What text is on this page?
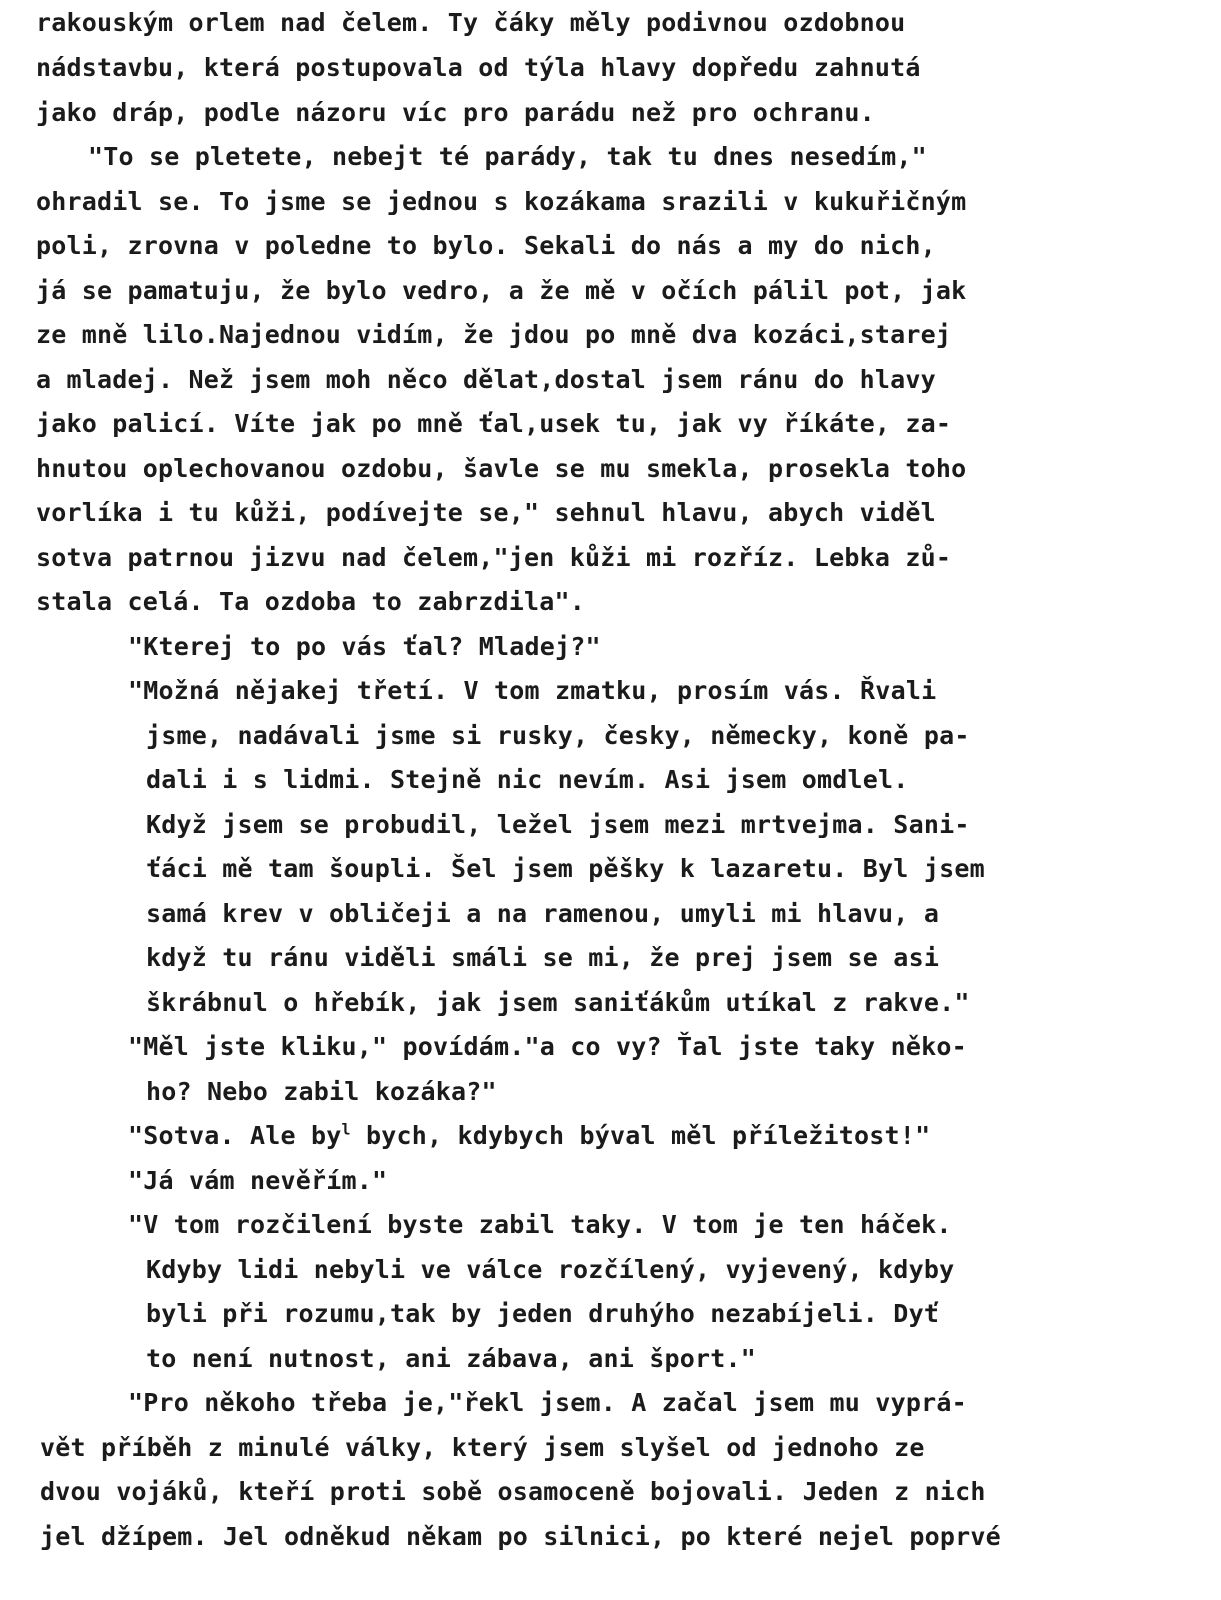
rakouským orlem nad čelem. Ty čáky měly podivnou ozdobnou
nádstavbu, která postupovala od týla hlavy dopředu zahnutá
jako dráp, podle názoru víc pro parádu než pro ochranu.
"To se pletete, nebejt té parády, tak tu dnes nesedím,"
ohradil se. To jsme se jednou s kozákama srazili v kukuřičným
poli, zrovna v poledne to bylo. Sekali do nás a my do nich,
já se pamatuju, že bylo vedro, a že mě v očích pálil pot, jak
ze mně lilo.Najednou vidím, že jdou po mně dva kozáci,starej
a mladej. Než jsem moh něco dělat,dostal jsem ránu do hlavy
jako palicí. Víte jak po mně ťal,usek tu, jak vy říkáte, za-
hnutou oplechovanou ozdobu, šavle se mu smekla, prosekla toho
vorlíka i tu kůži, podívejte se," sehnul hlavu, abych viděl
sotva patrnou jizvu nad čelem,"jen kůži mi rozříz. Lebka zů-
stala celá. Ta ozdoba to zabrzdila".
"Kterej to po vás ťal? Mladej?"
"Možná nějakej třetí. V tom zmatku, prosím vás. Řvali
jsme, nadávali jsme si rusky, česky, německy, koně pa-
dali i s lidmi. Stejně nic nevím. Asi jsem omdlel.
Když jsem se probudil, ležel jsem mezi mrtvejma. Sani-
ťáci mě tam šoupli. Šel jsem pěšky k lazaretu. Byl jsem
samá krev v obličeji a na ramenou, umyli mi hlavu, a
když tu ránu viděli smáli se mi, že prej jsem se asi
škrábnul o hřebík, jak jsem saniťákům utíkal z rakve."
"Měl jste kliku," povídám."a co vy? Ťal jste taky něko-
ho? Nebo zabil kozáka?"
"Sotva. Ale $by^l$ bych, kdybych býval měl příležitost!"
"Já vám nevěřím."
"V tom rozčilení byste zabil taky. V tom je ten háček.
Kdyby lidi nebyli ve válce rozčílený, vyjevený, kdyby
byli při rozumu,tak by jeden druhýho nezabíjeli. Dyť
to není nutnost, ani zábava, ani šport."
"Pro někoho třeba je,"řekl jsem. A začal jsem mu vyprá-
vět příběh z minulé války, který jsem slyšel od jednoho ze
dvou vojáků, kteří proti sobě osamoceně bojovali. Jeden z nich
jel džípem. Jel odněkud někam po silnici, po které nejel poprvé
